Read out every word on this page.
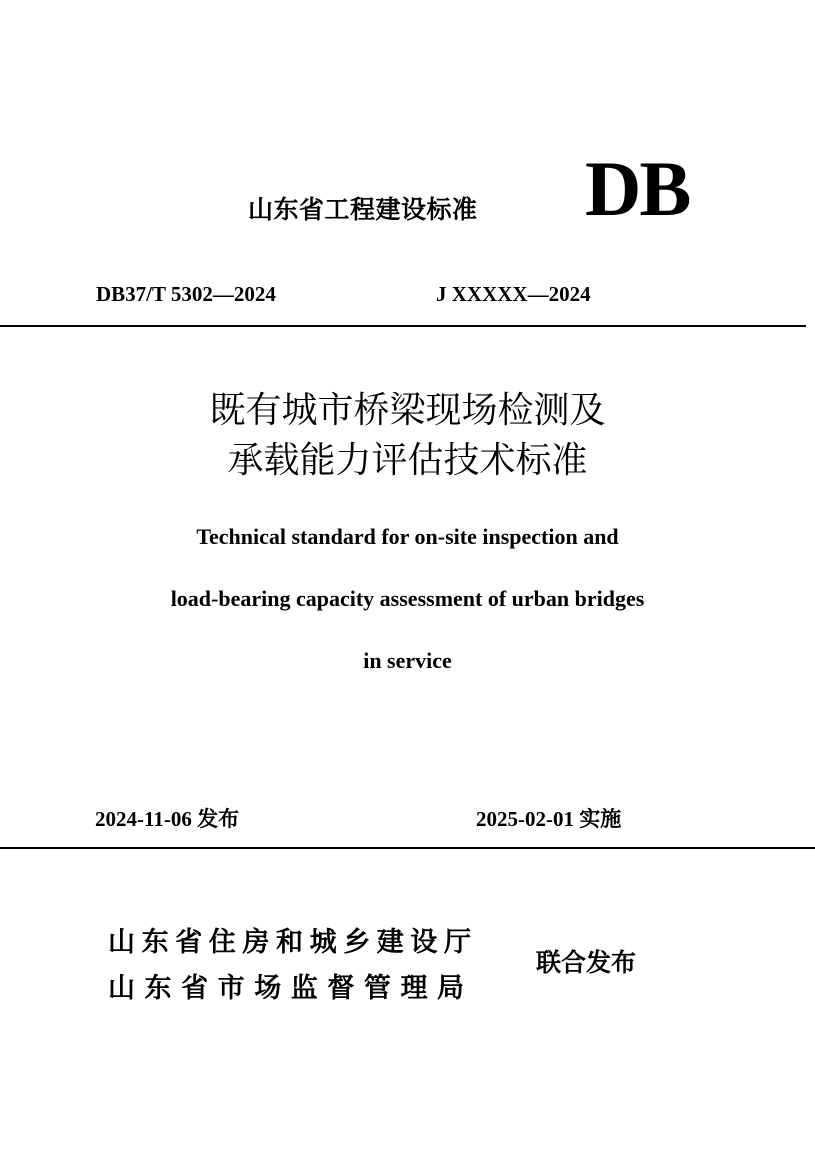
山东省工程建设标准 DB
DB37/T 5302—2024	J XXXXX—2024
既有城市桥梁现场检测及
承载能力评估技术标准
Technical standard for on-site inspection and
load-bearing capacity assessment of urban bridges
in service
2024-11-06 发布	2025-02-01 实施
山东省住房和城乡建设厅
山东省市场监督管理局
联合发布
